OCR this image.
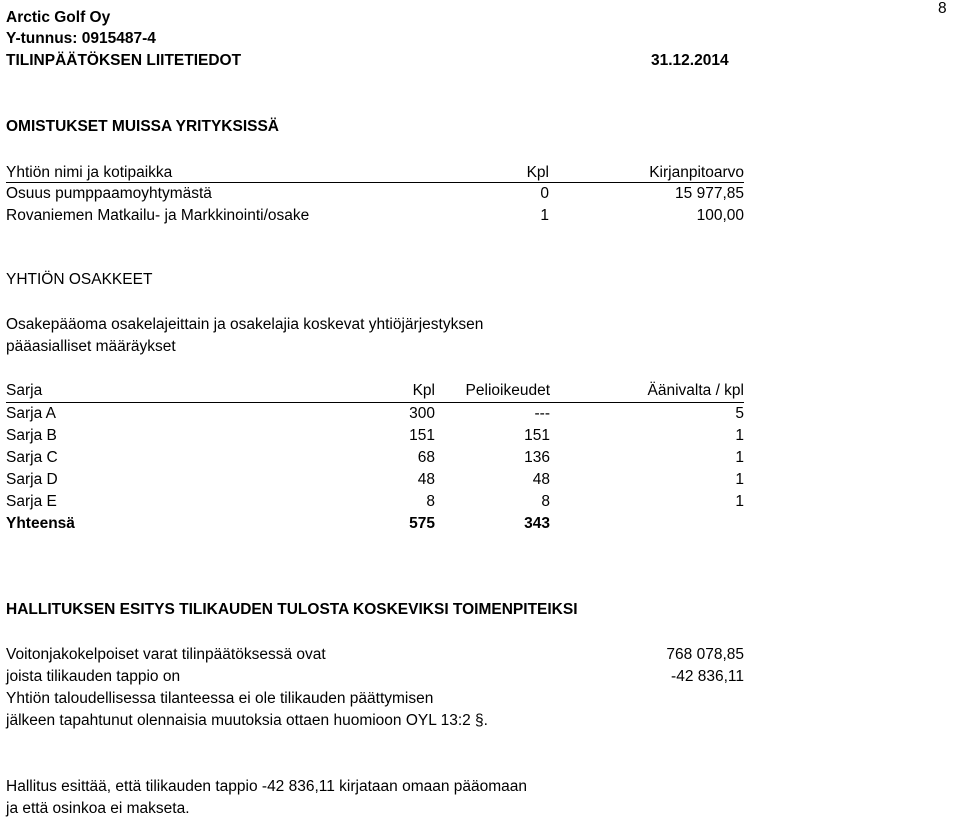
8
Arctic Golf Oy
Y-tunnus: 0915487-4
TILINPÄÄTÖKSEN LIITETIEDOT	31.12.2014
OMISTUKSET MUISSA YRITYKSISSÄ
Yhtiön nimi ja kotipaikka	Kpl	Kirjanpitoarvo
Osuus pumppaamoyhtymästä	0	15 977,85
Rovaniemen Matkailu- ja Markkinointi/osake	1	100,00
YHTIÖN OSAKKEET
Osakepääoma osakelajeittain ja osakelajia koskevat yhtiöjärjestyksen
pääasialliset määräykset
Sarja	Kpl	Pelioikeudet	Äänivalta / kpl
Sarja A	300	---	5
Sarja B	151	151	1
Sarja C	68	136	1
Sarja D	48	48	1
Sarja E	8	8	1
Yhteensä	575	343
HALLITUKSEN ESITYS TILIKAUDEN TULOSTA KOSKEVIKSI TOIMENPITEIKSI
Voitonjakokelpoiset varat tilinpäätöksessä ovat	768 078,85
joista tilikauden tappio on	-42 836,11
Yhtiön taloudellisessa tilanteessa ei ole tilikauden päättymisen
jälkeen tapahtunut olennaisia muutoksia ottaen huomioon OYL 13:2 §.
Hallitus esittää, että tilikauden tappio -42 836,11 kirjataan omaan pääomaan
ja että osinkoa ei makseta.
